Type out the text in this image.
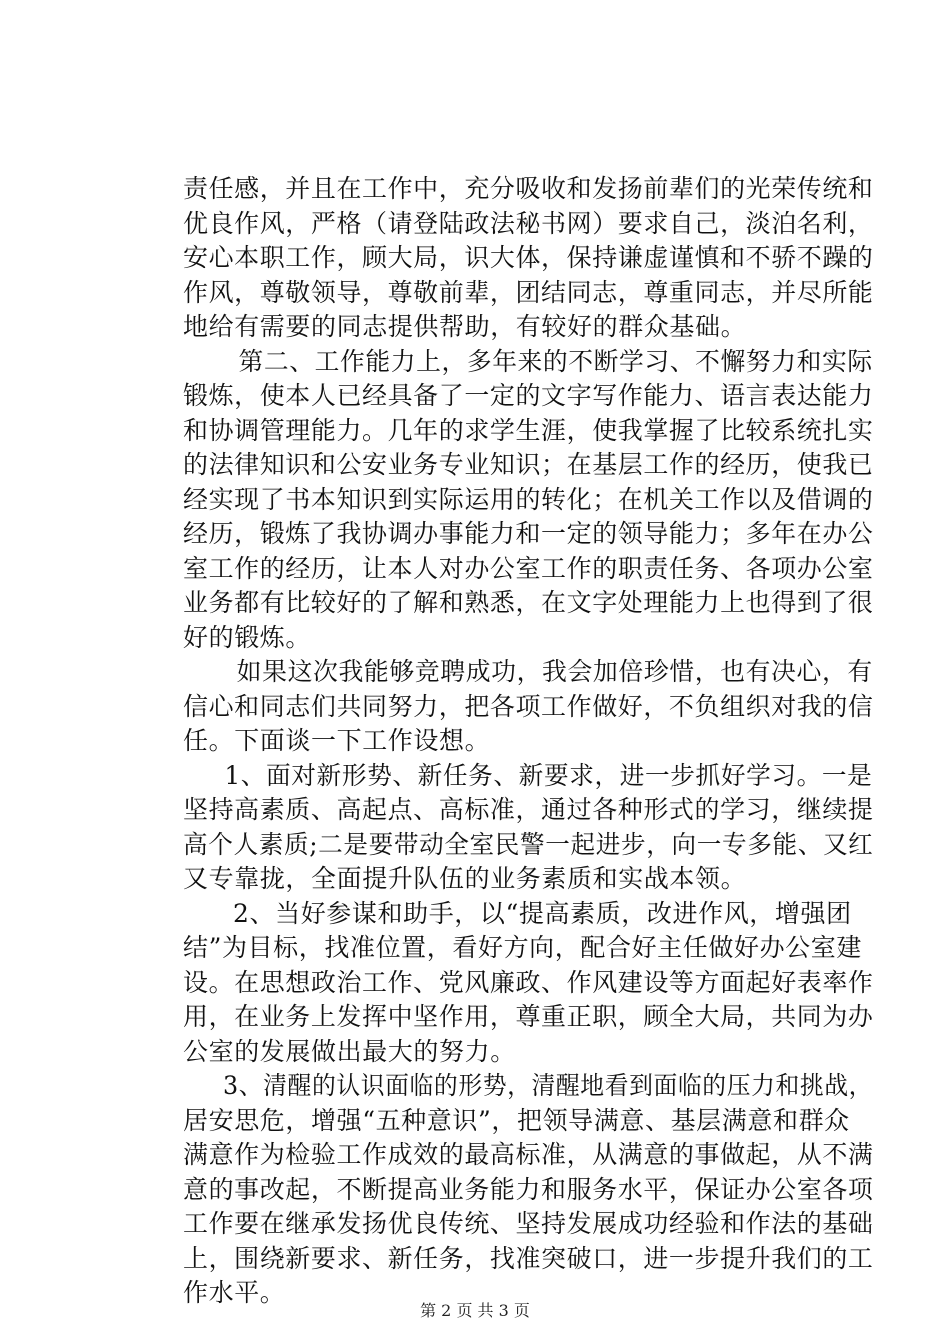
责任感，并且在工作中，充分吸收和发扬前辈们的光荣传统和
优良作风，严格（请登陆政法秘书网）要求自己，淡泊名利，
安心本职工作，顾大局，识大体，保持谦虚谨慎和不骄不躁的
作风，尊敬领导，尊敬前辈，团结同志，尊重同志，并尽所能
地给有需要的同志提供帮助，有较好的群众基础。
第二、工作能力上，多年来的不断学习、不懈努力和实际
锻炼，使本人已经具备了一定的文字写作能力、语言表达能力
和协调管理能力。几年的求学生涯，使我掌握了比较系统扎实
的法律知识和公安业务专业知识；在基层工作的经历，使我已
经实现了书本知识到实际运用的转化；在机关工作以及借调的
经历，锻炼了我协调办事能力和一定的领导能力；多年在办公
室工作的经历，让本人对办公室工作的职责任务、各项办公室
业务都有比较好的了解和熟悉，在文字处理能力上也得到了很
好的锻炼。
如果这次我能够竞聘成功，我会加倍珍惜，也有决心，有
信心和同志们共同努力，把各项工作做好，不负组织对我的信
任。下面谈一下工作设想。
1、面对新形势、新任务、新要求，进一步抓好学习。一是
坚持高素质、高起点、高标准，通过各种形式的学习，继续提
高个人素质;二是要带动全室民警一起进步，向一专多能、又红
又专靠拢，全面提升队伍的业务素质和实战本领。
2、当好参谋和助手，以“提高素质，改进作风，增强团
结”为目标，找准位置，看好方向，配合好主任做好办公室建
设。在思想政治工作、党风廉政、作风建设等方面起好表率作
用，在业务上发挥中坚作用，尊重正职，顾全大局，共同为办
公室的发展做出最大的努力。
3、清醒的认识面临的形势，清醒地看到面临的压力和挑战，
居安思危，增强“五种意识”，把领导满意、基层满意和群众
满意作为检验工作成效的最高标准，从满意的事做起，从不满
意的事改起，不断提高业务能力和服务水平，保证办公室各项
工作要在继承发扬优良传统、坚持发展成功经验和作法的基础
上，围绕新要求、新任务，找准突破口，进一步提升我们的工
作水平。
第 2 页 共 3 页
